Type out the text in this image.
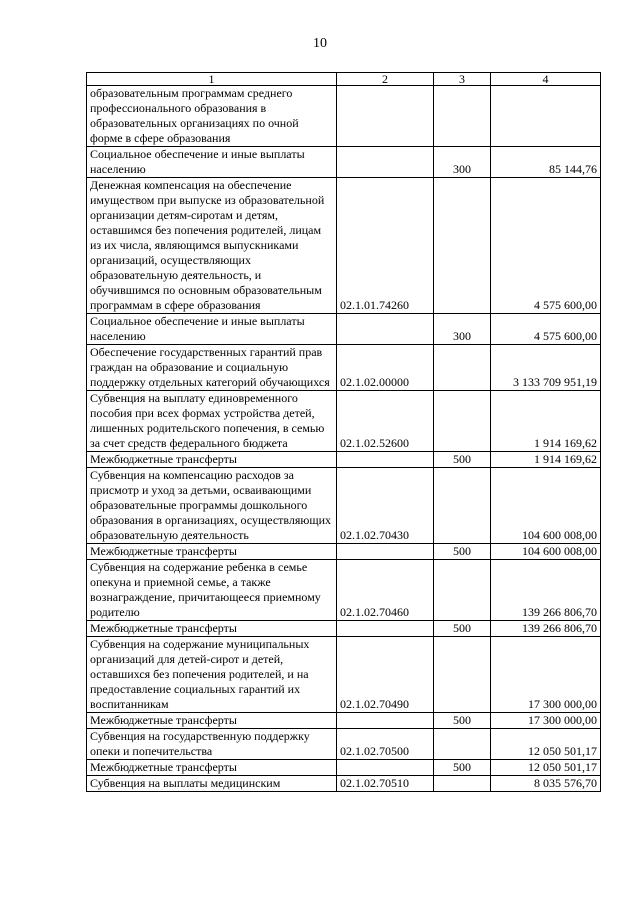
10
1	2	3	4
образовательным программам среднего профессионального образования в образовательных организациях по очной форме в сфере образования			
Социальное обеспечение и иные выплаты населению		300	85 144,76
Денежная компенсация на обеспечение имуществом при выпуске из образовательной организации детям-сиротам и детям, оставшимся без попечения родителей, лицам из их числа, являющимся выпускниками организаций, осуществляющих образовательную деятельность, и обучившимся по основным образовательным программам в сфере образования	02.1.01.74260		4 575 600,00
Социальное обеспечение и иные выплаты населению		300	4 575 600,00
Обеспечение государственных гарантий прав граждан на образование и социальную поддержку отдельных категорий обучающихся	02.1.02.00000		3 133 709 951,19
Субвенция на выплату единовременного пособия при всех формах устройства детей, лишенных родительского попечения, в семью за счет средств федерального бюджета	02.1.02.52600		1 914 169,62
Межбюджетные трансферты		500	1 914 169,62
Субвенция на компенсацию расходов за присмотр и уход за детьми, осваивающими образовательные программы дошкольного образования в организациях, осуществляющих образовательную деятельность	02.1.02.70430		104 600 008,00
Межбюджетные трансферты		500	104 600 008,00
Субвенция на содержание ребенка в семье опекуна и приемной семье, а также вознаграждение, причитающееся приемному родителю	02.1.02.70460		139 266 806,70
Межбюджетные трансферты		500	139 266 806,70
Субвенция на содержание муниципальных организаций для детей-сирот и детей, оставшихся без попечения родителей, и на предоставление социальных гарантий их воспитанникам	02.1.02.70490		17 300 000,00
Межбюджетные трансферты		500	17 300 000,00
Субвенция на государственную поддержку опеки и попечительства	02.1.02.70500		12 050 501,17
Межбюджетные трансферты		500	12 050 501,17
Субвенция на выплаты медицинским	02.1.02.70510		8 035 576,70
